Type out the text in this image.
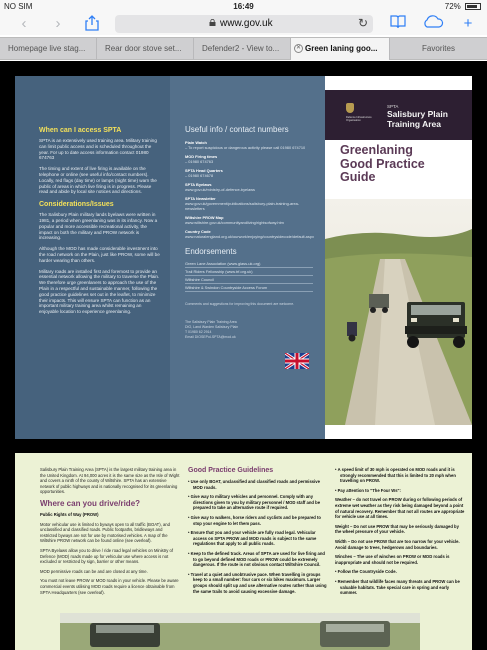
NO SIM	16:49	72%
‹	›	www.gov.uk	↻	+
Homepage live stag...	Rear door stove set...	Defender2 - View to...	✕ Green laning goo...	Favorites
When can I access SPTA

SPTA is an extensively used training area. Military training can limit public access and is scheduled throughout the year. For up to date access information contact 01980 674763

The timing and extent of live firing is available on the telephone or online (see useful info/contact numbers). Locally, red flags (day time) or lamps (night time) warn the public of areas in which live firing is in progress. Please read and abide by local site notices and directions.

Considerations/Issues

The Salisbury Plain military lands byelaws were written in 1981, a period when greenlaning was in its infancy. Now a popular and more accessible recreational activity, the impact on both the military and PROW network is increasing.

Although the MOD has made considerable investment into the road network on the Plain, just like PROW, some will be harder wearing than others.

Military roads are installed first and foremost to provide an essential network allowing the military to traverse the Plain. We therefore urge greenlaners to approach the use of the Plain in a respectful and sustainable manner, following the good practice guidelines set out in the leaflet, to minimize their impacts. This will ensure SPTA can function as an important military training area whilst remaining an enjoyable location to experience greenlaning.

Useful info / contact numbers
Plain Watch
– To report suspicious or dangerous activity please call 01980 674710
MOD Firing times
– 01980 674763
SPTA Head Quarters
– 01980 674678
SPTA Byelaws
www.gov.uk/ministry-of-defence-byelaws
SPTA Newsletter
www.gov.uk/government/publications/salisbury-plain-training-area-newsletters
Wiltshire PROW Map
www.wiltshire.gov.uk/communityandliving/rightsofway.htm
Country Code
www.naturalengland.org.uk/ourwork/enjoying/countrysidecode/default.aspx
Endorsements
Green Lane Association (www.glass-uk.org)
Trail Riders Fellowship (www.trf.org.uk)
Wiltshire Council
Wiltshire & Swindon Countryside Access Forum
Comments and suggestions for improving this document are welcome.
The Salisbury Plain Training Area
DIO, Land Warden Salisbury Plain
T 01980 62 2914
Email DIOSEPol-SPTA@mod.uk
Defence Infrastructure Organisation
SPTA
Salisbury Plain
Training Area
Greenlaning
Good Practice
Guide
Salisbury Plain Training Area (SPTA) is the largest military training area in the United Kingdom. At 94,000 acres it is the same size as the Isle of Wight and covers a ninth of the county of Wiltshire. SPTA has an extensive network of public highways and is nationally recognised for its greenlaning opportunities.
Where can you drive/ride?
Public Rights of Way (PROW)
Motor vehicular use is limited to byways open to all traffic (BOAT), and unclassified and classified roads. Public footpaths, bridleways and restricted byways are not for use by motorised vehicles. A map of the Wiltshire PROW network can be found online (see overleaf).
SPTA Byelaws allow you to drive / ride road legal vehicles on Ministry of Defence (MOD) roads made up for vehicular use where access is not excluded or restricted by sign, barrier or other means.
MOD permissive roads can be and are closed at any time.
You must not leave PROW or MOD roads in your vehicle. Please be aware commercial events utilising MOD roads require a licence obtainable from SPTA Headquarters (see overleaf).
Good Practice Guidelines
• Use only BOAT, unclassified and classified roads and permissive MOD roads.
• Give way to military vehicles and personnel. Comply with any directions given to you by military personnel / MOD staff and be prepared to take an alternative route if required.
• Give way to walkers, horse riders and cyclists and be prepared to stop your engine to let them pass.
• Ensure that you and your vehicle are fully road legal. Vehicular access on SPTA PROW and MOD roads is subject to the same regulations that apply to all public roads.
• Keep to the defined track. Areas of SPTA are used for live firing and to go beyond defined MOD roads or PROW could be extremely dangerous. If the route is not obvious contact Wiltshire Council.
• Travel at a quiet and unobtrusive pace. When travelling in groups keep to a small number: four cars or six bikes maximum. Larger groups should split up and use alternative routes rather than using the same trails to avoid causing excessive damage.
• A speed limit of 30 mph is operated on MOD roads and it is strongly recommended that this is limited to 20 mph when travelling on PROW.
• Pay attention to "The Four Ws":
Weather – do not travel on PROW during or following periods of extreme wet weather as they risk being damaged beyond a point of natural recovery. Remember that not all routes are appropriate for vehicle use at all times.
Weight – Do not use PROW that may be seriously damaged by the wheel pressure of your vehicle.
Width – Do not use PROW that are too narrow for your vehicle. Avoid damage to trees, hedgerows and boundaries.
Winches – The use of winches on PROW or MOD roads is inappropriate and should not be required.
• Follow the Countryside Code.
• Remember that wildlife faces many threats and PROW can be valuable habitats. Take special care in spring and early summer.
